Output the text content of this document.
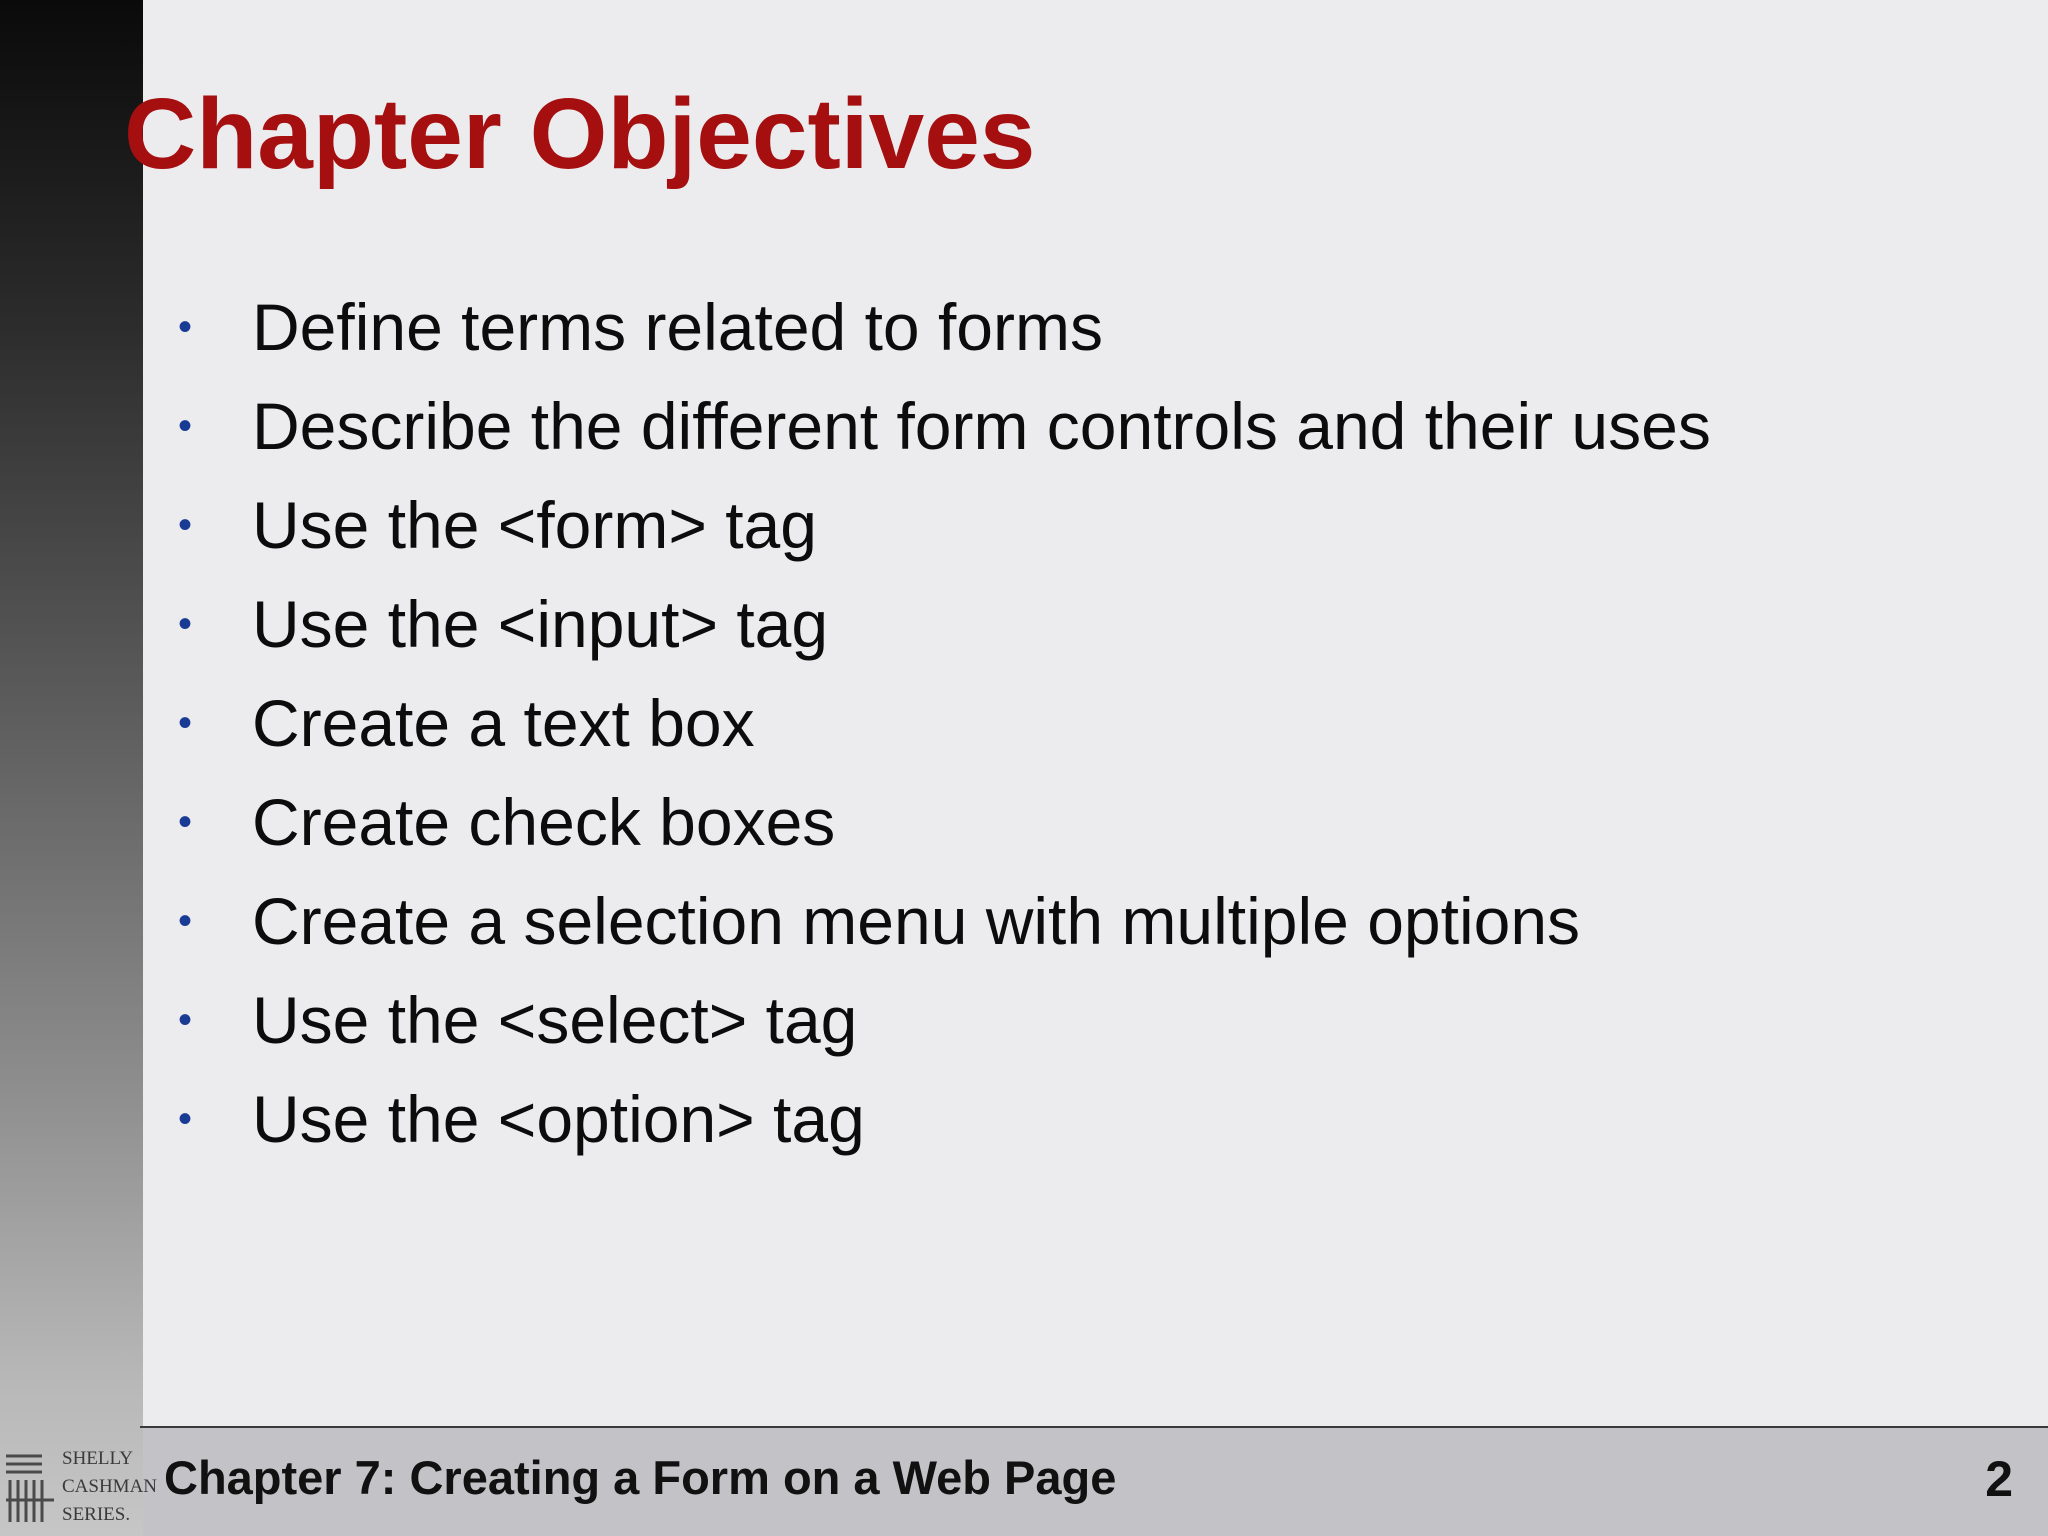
Chapter Objectives
• Define terms related to forms
• Describe the different form controls and their uses
• Use the <form> tag
• Use the <input> tag
• Create a text box
• Create check boxes
• Create a selection menu with multiple options
• Use the <select> tag
• Use the <option> tag
Chapter 7: Creating a Form on a Web Page	2
SHELLY
CASHMAN
SERIES.
